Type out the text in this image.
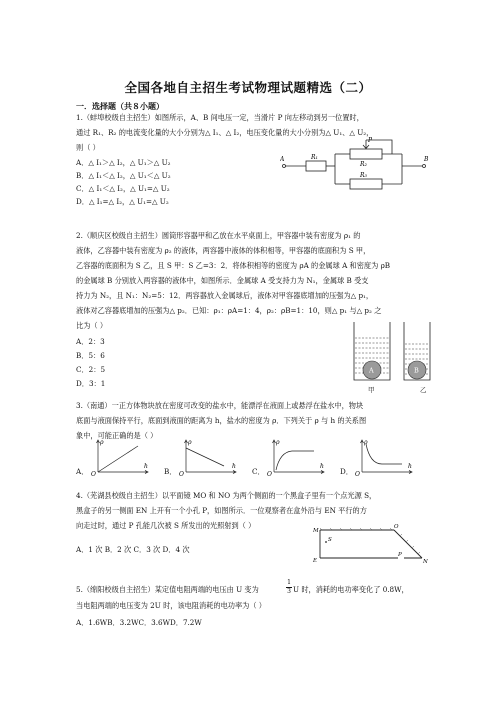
全国各地自主招生考试物理试题精选（二）
一．选择题（共８小题）
1.（蚌埠校级自主招生）如图所示，A、B 间电压一定，当滑片 P 向左移动到另一位置时，
通过 R₁、R₂ 的电流变化量的大小分别为△ I₁、△ I₂，电压变化量的大小分别为△ U₁、△ U₂，
则（ ）
A．△ I₁＞△ I₂，△ U₁＞△ U₂
B．△ I₁＜△ I₂，△ U₁＜△ U₂
C．△ I₁＜△ I₂，△ U₁=△ U₂
D．△ I₁=△ I₂，△ U₁=△ U₂
A	B
R₁
R₂
R₃
P
2.（顺庆区校级自主招生）圆筒形容器甲和乙放在水平桌面上，甲容器中装有密度为 ρ₁ 的
液体，乙容器中装有密度为 ρ₂ 的液体，两容器中液体的体积相等，甲容器的底面积为 S 甲，
乙容器的底面积为 S 乙，且 S 甲：S 乙=3：2．将体积相等的密度为 ρA 的金属球 A 和密度为 ρB
的金属球 B 分别放入两容器的液体中，如图所示．金属球 A 受支持力为 N₁，金属球 B 受支
持力为 N₂，且 N₁：N₂=5：12．两容器放入金属球后，液体对甲容器底增加的压强为△ p₁，
液体对乙容器底增加的压强为△ p₂．已知：ρ₁：ρA=1：4，ρ₂：ρB=1：10，则△ p₁ 与△ p₂ 之
比为（ ）
A．2：3
B．5：6
C．2：5
D．3：1
A	B
甲	乙
3.（南通）一正方体物块放在密度可改变的盐水中，能漂浮在液面上或悬浮在盐水中，物块
底面与液面保持平行，底面到液面的距离为 h，盐水的密度为 ρ．下列关于 ρ 与 h 的关系图
象中，可能正确的是（ ）
A．	B．	C．	D．
ρ
h
O
ρ
h
O
ρ
h
O
ρ
h
O
4.（芜湖县校级自主招生）以平面镜 MO 和 NO 为两个侧面的一个黑盒子里有一个点光源 S，
黑盒子的另一侧面 EN 上开有一个小孔 P，如图所示．一位观察者在盒外沿与 EN 平行的方
向走过时，通过 P 孔能几次被 S 所发出的光照射到（ ）
A．1 次 B．2 次 C．3 次 D．4 次
M
O
S
E
P
N
5.（绵阳校级自主招生）某定值电阻两端的电压由 U 变为
1
3 U 时，消耗的电功率变化了 0.8W，
当电阻两端的电压变为 2U 时，该电阻消耗的电功率为（ ）
A．1.6WB．3.2WC．3.6WD．7.2W
